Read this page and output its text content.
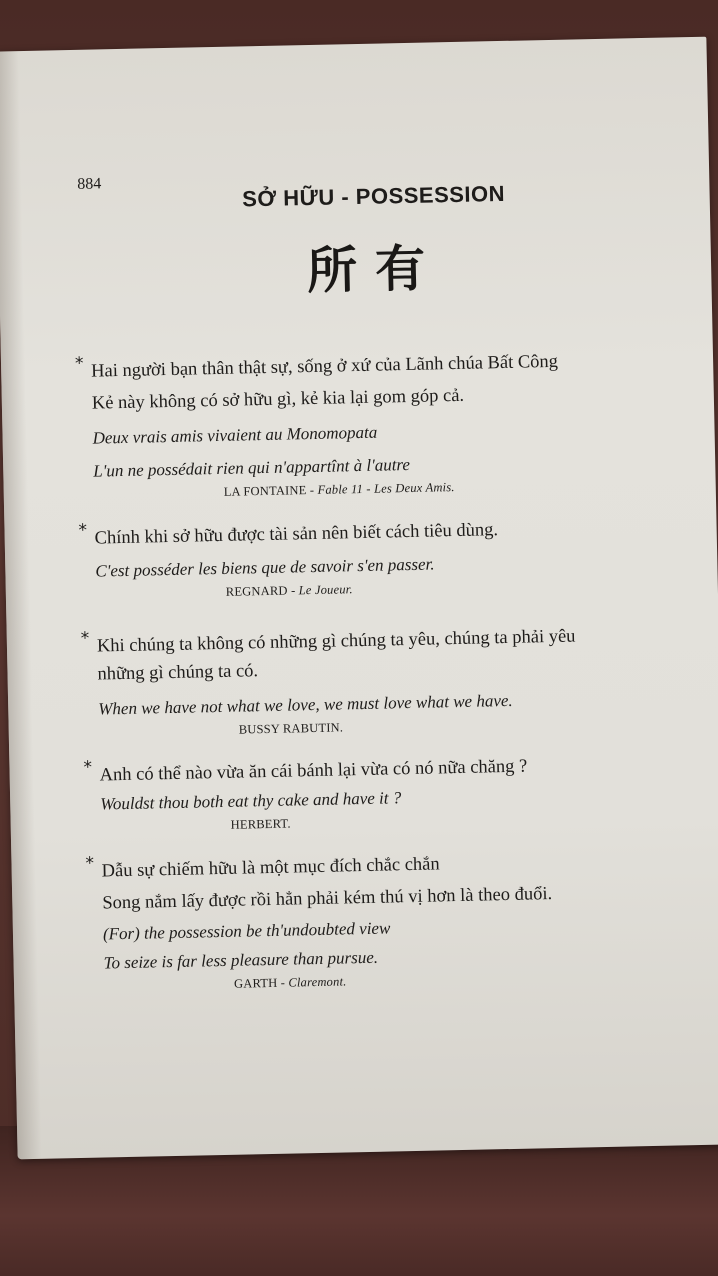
884	SỞ HỮU - POSSESSION
所有
* Hai người bạn thân thật sự, sống ở xứ của Lãnh chúa Bất Công

Kẻ này không có sở hữu gì, kẻ kia lại gom góp cả.

Deux vrais amis vivaient au Monomopata

L'un ne possédait rien qui n'appartînt à l'autre

LA FONTAINE - Fable 11 - Les Deux Amis.

* Chính khi sở hữu được tài sản nên biết cách tiêu dùng.

C'est posséder les biens que de savoir s'en passer.

REGNARD - Le Joueur.

* Khi chúng ta không có những gì chúng ta yêu, chúng ta phải yêu

những gì chúng ta có.

When we have not what we love, we must love what we have.

BUSSY RABUTIN.

* Anh có thể nào vừa ăn cái bánh lại vừa có nó nữa chăng ?

Wouldst thou both eat thy cake and have it ?

HERBERT.

* Dẫu sự chiếm hữu là một mục đích chắc chắn

Song nắm lấy được rồi hẳn phải kém thú vị hơn là theo đuổi.

(For) the possession be th'undoubted view

To seize is far less pleasure than pursue.

GARTH - Claremont.
